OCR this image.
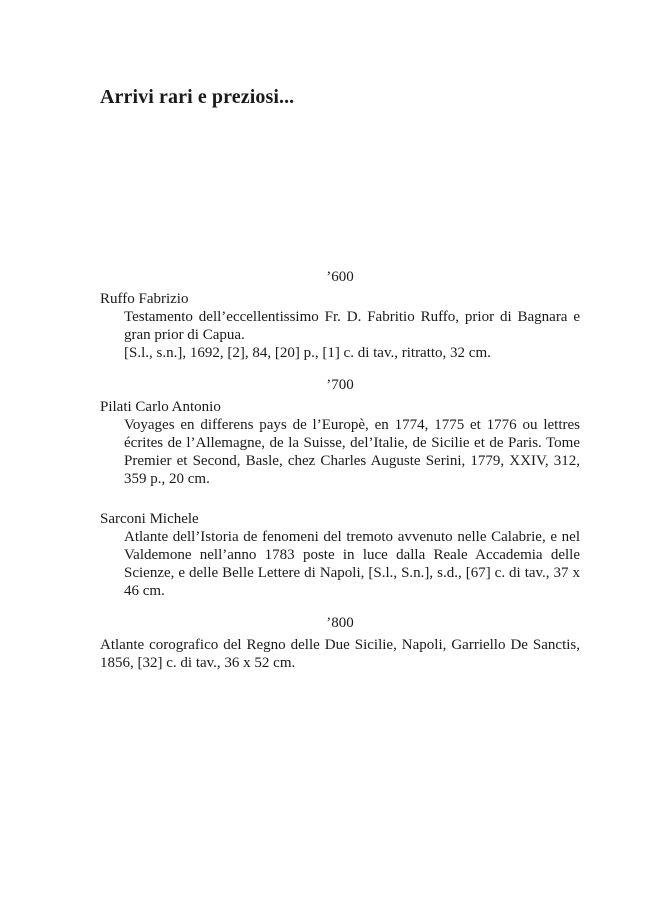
Arrivi rari e preziosi...

’600

Ruffo Fabrizio

Testamento dell’eccellentissimo Fr. D. Fabritio Ruffo, prior di Bagnara e gran prior di Capua.

[S.l., s.n.], 1692, [2], 84, [20] p., [1] c. di tav., ritratto, 32 cm.

’700

Pilati Carlo Antonio

Voyages en differens pays de l’Europè, en 1774, 1775 et 1776 ou lettres écrites de l’Allemagne, de la Suisse, del’Italie, de Sicilie et de Paris. Tome Premier et Second, Basle, chez Charles Auguste Serini, 1779, XXIV, 312, 359 p., 20 cm.

Sarconi Michele

Atlante dell’Istoria de fenomeni del tremoto avvenuto nelle Calabrie, e nel Valdemone nell’anno 1783 poste in luce dalla Reale Accademia delle Scienze, e delle Belle Lettere di Napoli, [S.l., S.n.], s.d., [67] c. di tav., 37 x 46 cm.

’800

Atlante corografico del Regno delle Due Sicilie, Napoli, Garriello De Sanctis, 1856, [32] c. di tav., 36 x 52 cm.
